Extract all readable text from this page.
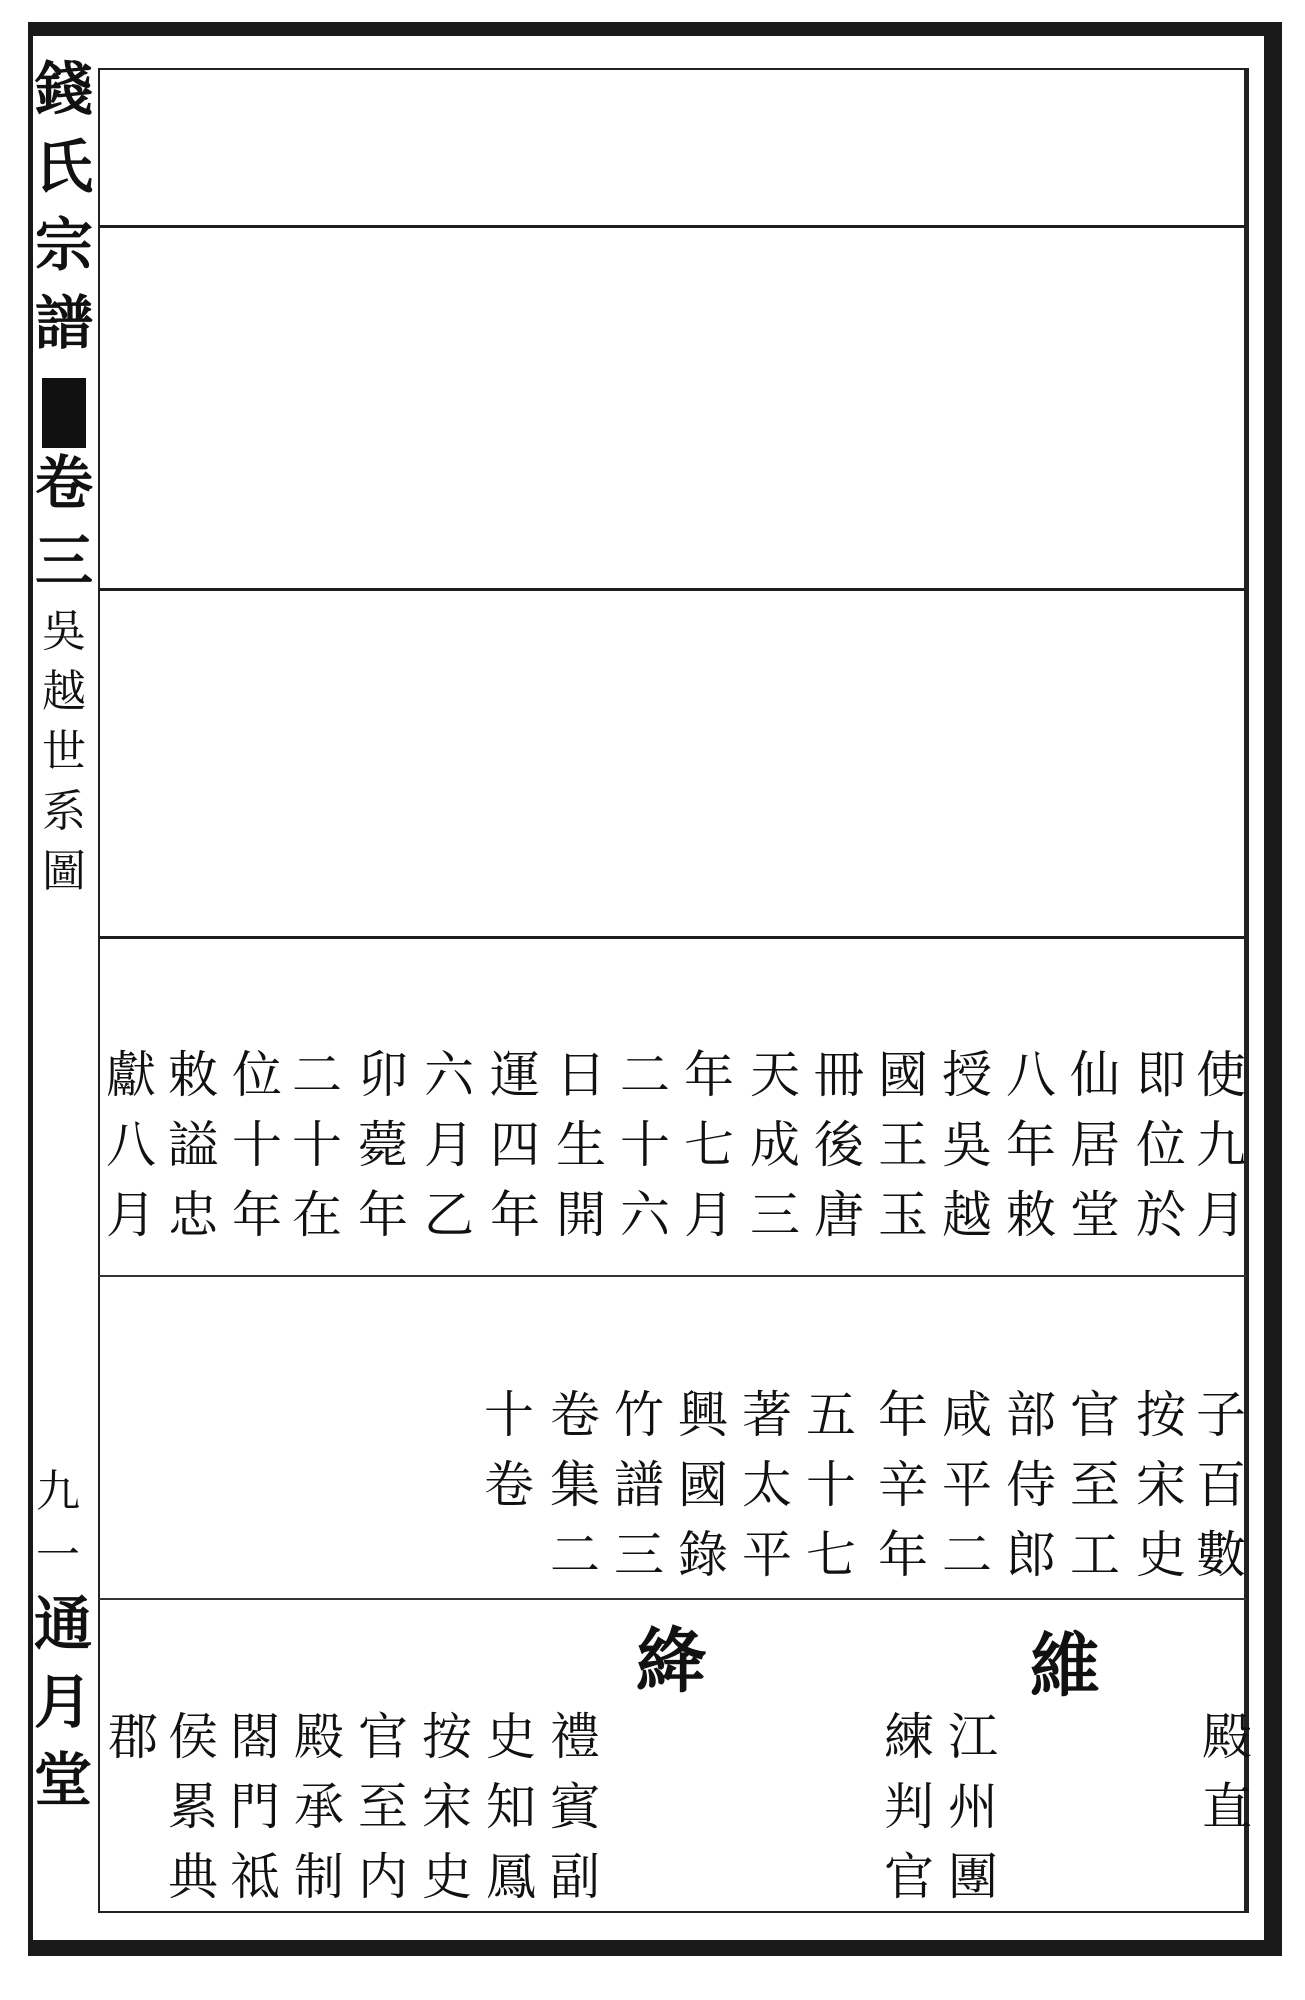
錢
氏
宗
譜
卷
三
吳
越
世
系
圖
九
一
通
月
堂
使
九
月
即
位
於
仙
居
堂
八
年
敕
授
吳
越
國
王
玉
冊
後
唐
天
成
三
年
七
月
二
十
六
日
生
開
運
四
年
六
月
乙
卯
薨
年
二
十
在
位
十
年
敕
謚
忠
獻
八
月
子
百
數
按
宋
史
官
至
工
部
侍
郎
咸
平
二
年
辛
年
五
十
七
著
太
平
興
國
錄
竹
譜
三
卷
集
二
十
卷
維
絳
殿
直
江
州
團
練
判
官
禮
賓
副
史
知
鳳
按
宋
史
官
至
内
殿
承
制
閤
門
祗
侯
累
典
郡
